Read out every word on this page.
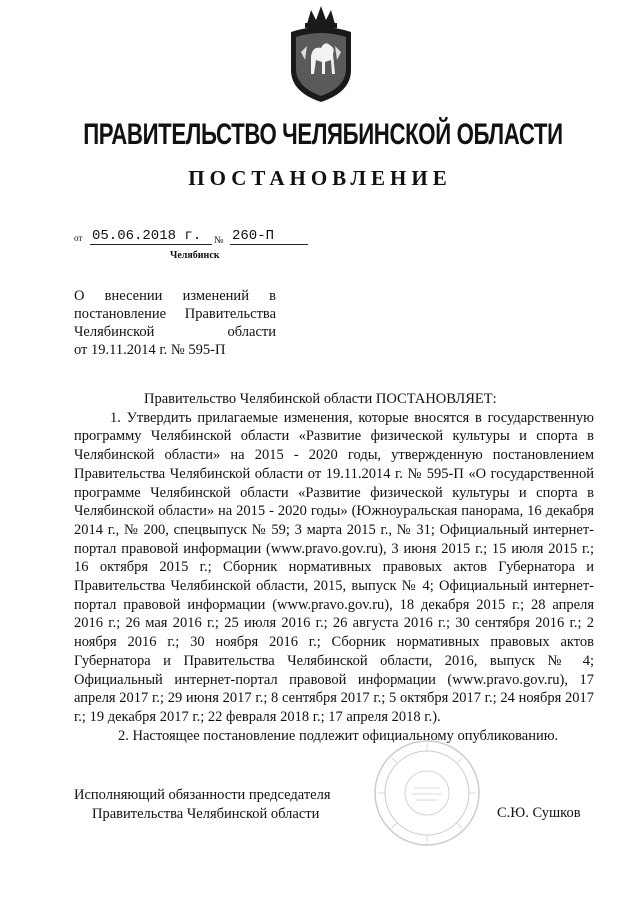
ПРАВИТЕЛЬСТВО ЧЕЛЯБИНСКОЙ ОБЛАСТИ
ПОСТАНОВЛЕНИЕ
от 05.06.2018 г.	№ 260-П
Челябинск
О внесении изменений в
постановление Правительства
Челябинской области
от 19.11.2014 г. № 595-П
Правительство Челябинской области ПОСТАНОВЛЯЕТ:

1. Утвердить прилагаемые изменения, которые вносятся в государственную программу Челябинской области «Развитие физической культуры и спорта в Челябинской области» на 2015 - 2020 годы, утвержденную постановлением Правительства Челябинской области от 19.11.2014 г. № 595-П «О государственной программе Челябинской области «Развитие физической культуры и спорта в Челябинской области» на 2015 - 2020 годы» (Южноуральская панорама, 16 декабря 2014 г., № 200, спецвыпуск № 59; 3 марта 2015 г., № 31; Официальный интернет-портал правовой информации (www.pravo.gov.ru), 3 июня 2015 г.; 15 июля 2015 г.; 16 октября 2015 г.; Сборник нормативных правовых актов Губернатора и Правительства Челябинской области, 2015, выпуск № 4; Официальный интернет-портал правовой информации (www.pravo.gov.ru), 18 декабря 2015 г.; 28 апреля 2016 г.; 26 мая 2016 г.; 25 июля 2016 г.; 26 августа 2016 г.; 30 сентября 2016 г.; 2 ноября 2016 г.; 30 ноября 2016 г.; Сборник нормативных правовых актов Губернатора и Правительства Челябинской области, 2016, выпуск № 4; Официальный интернет-портал правовой информации (www.pravo.gov.ru), 17 апреля 2017 г.; 29 июня 2017 г.; 8 сентября 2017 г.; 5 октября 2017 г.; 24 ноября 2017 г.; 19 декабря 2017 г.; 22 февраля 2018 г.; 17 апреля 2018 г.).

2. Настоящее постановление подлежит официальному опубликованию.

Исполняющий обязанности председателя
Правительства Челябинской области	С.Ю. Сушков
